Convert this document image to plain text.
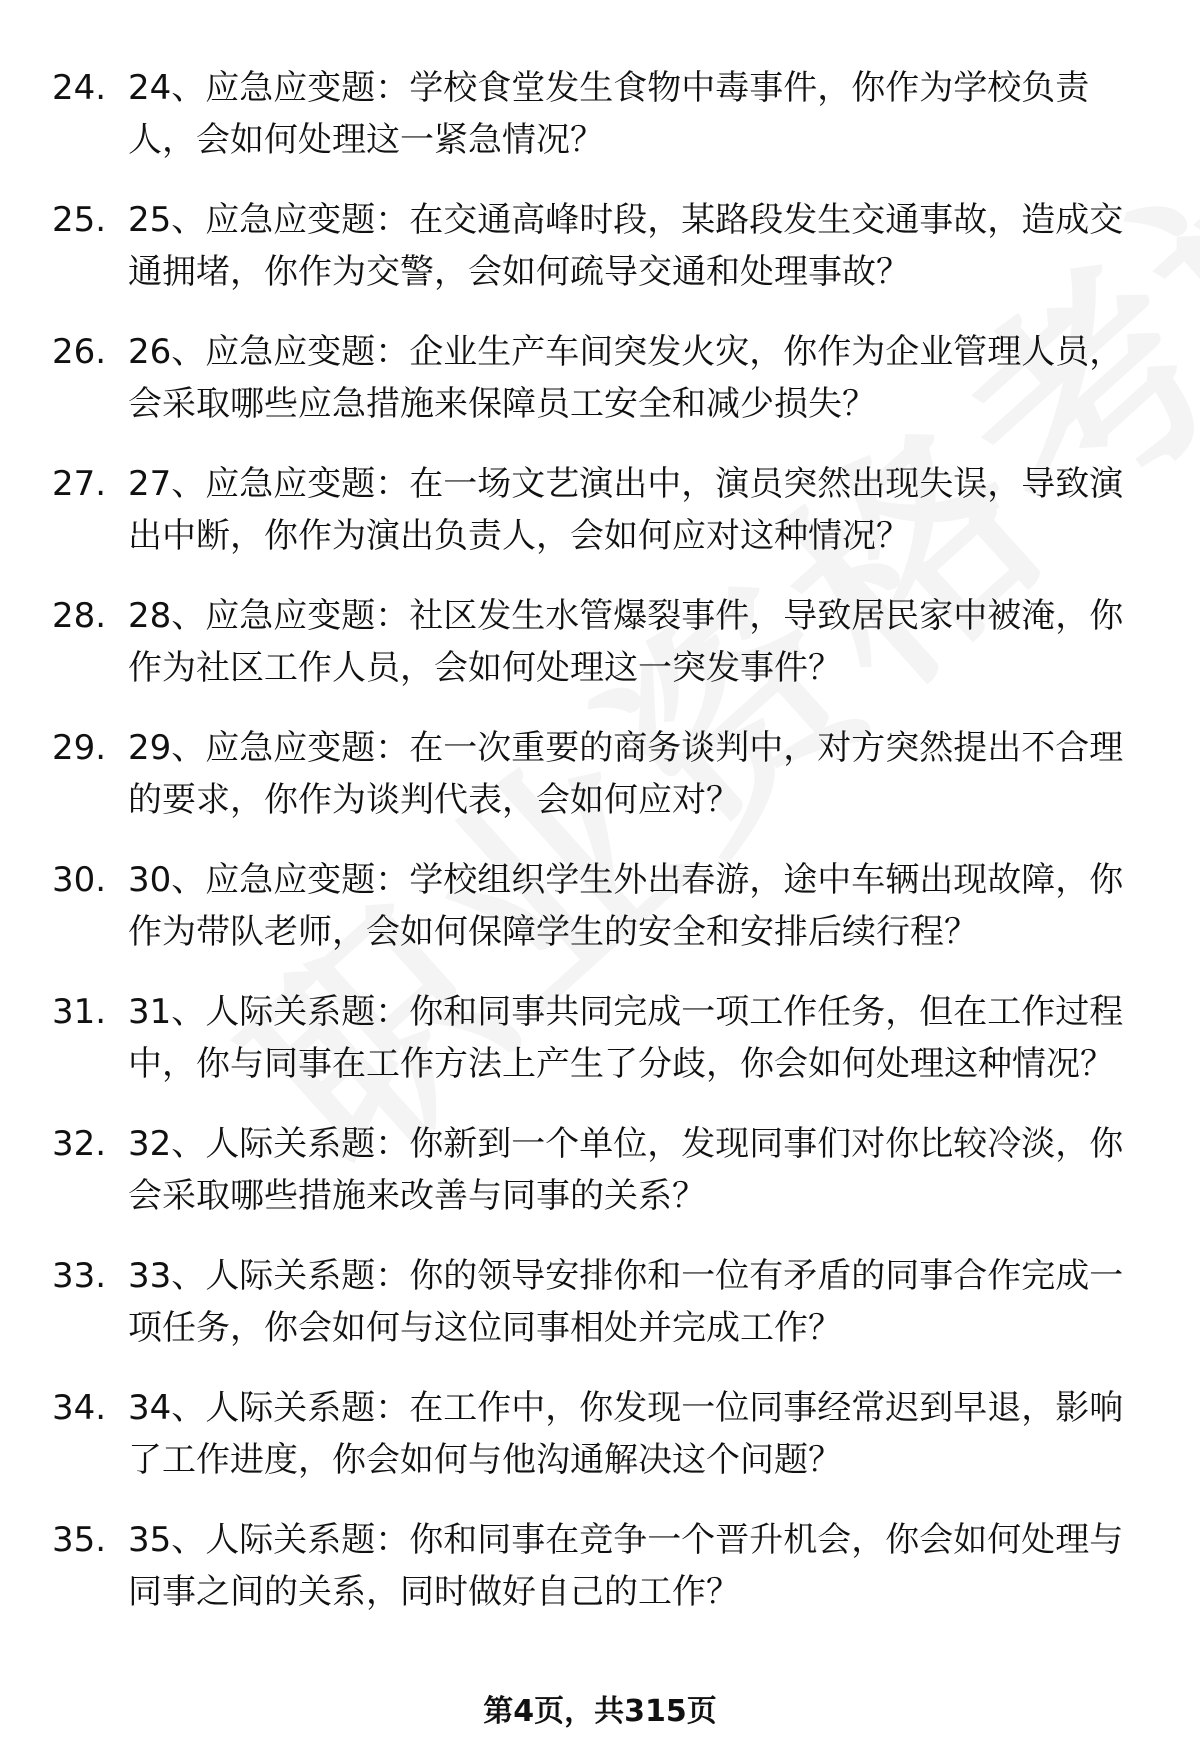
24. 24、应急应变题：学校食堂发生食物中毒事件，你作为学校负责人，会如何处理这一紧急情况？
25. 25、应急应变题：在交通高峰时段，某路段发生交通事故，造成交通拥堵，你作为交警，会如何疏导交通和处理事故？
26. 26、应急应变题：企业生产车间突发火灾，你作为企业管理人员，会采取哪些应急措施来保障员工安全和减少损失？
27. 27、应急应变题：在一场文艺演出中，演员突然出现失误，导致演出中断，你作为演出负责人，会如何应对这种情况？
28. 28、应急应变题：社区发生水管爆裂事件，导致居民家中被淹，你作为社区工作人员，会如何处理这一突发事件？
29. 29、应急应变题：在一次重要的商务谈判中，对方突然提出不合理的要求，你作为谈判代表，会如何应对？
30. 30、应急应变题：学校组织学生外出春游，途中车辆出现故障，你作为带队老师，会如何保障学生的安全和安排后续行程？
31. 31、人际关系题：你和同事共同完成一项工作任务，但在工作过程中，你与同事在工作方法上产生了分歧，你会如何处理这种情况？
32. 32、人际关系题：你新到一个单位，发现同事们对你比较冷淡，你会采取哪些措施来改善与同事的关系？
33. 33、人际关系题：你的领导安排你和一位有矛盾的同事合作完成一项任务，你会如何与这位同事相处并完成工作？
34. 34、人际关系题：在工作中，你发现一位同事经常迟到早退，影响了工作进度，你会如何与他沟通解决这个问题？
35. 35、人际关系题：你和同事在竞争一个晋升机会，你会如何处理与同事之间的关系，同时做好自己的工作？
第4页，共315页
